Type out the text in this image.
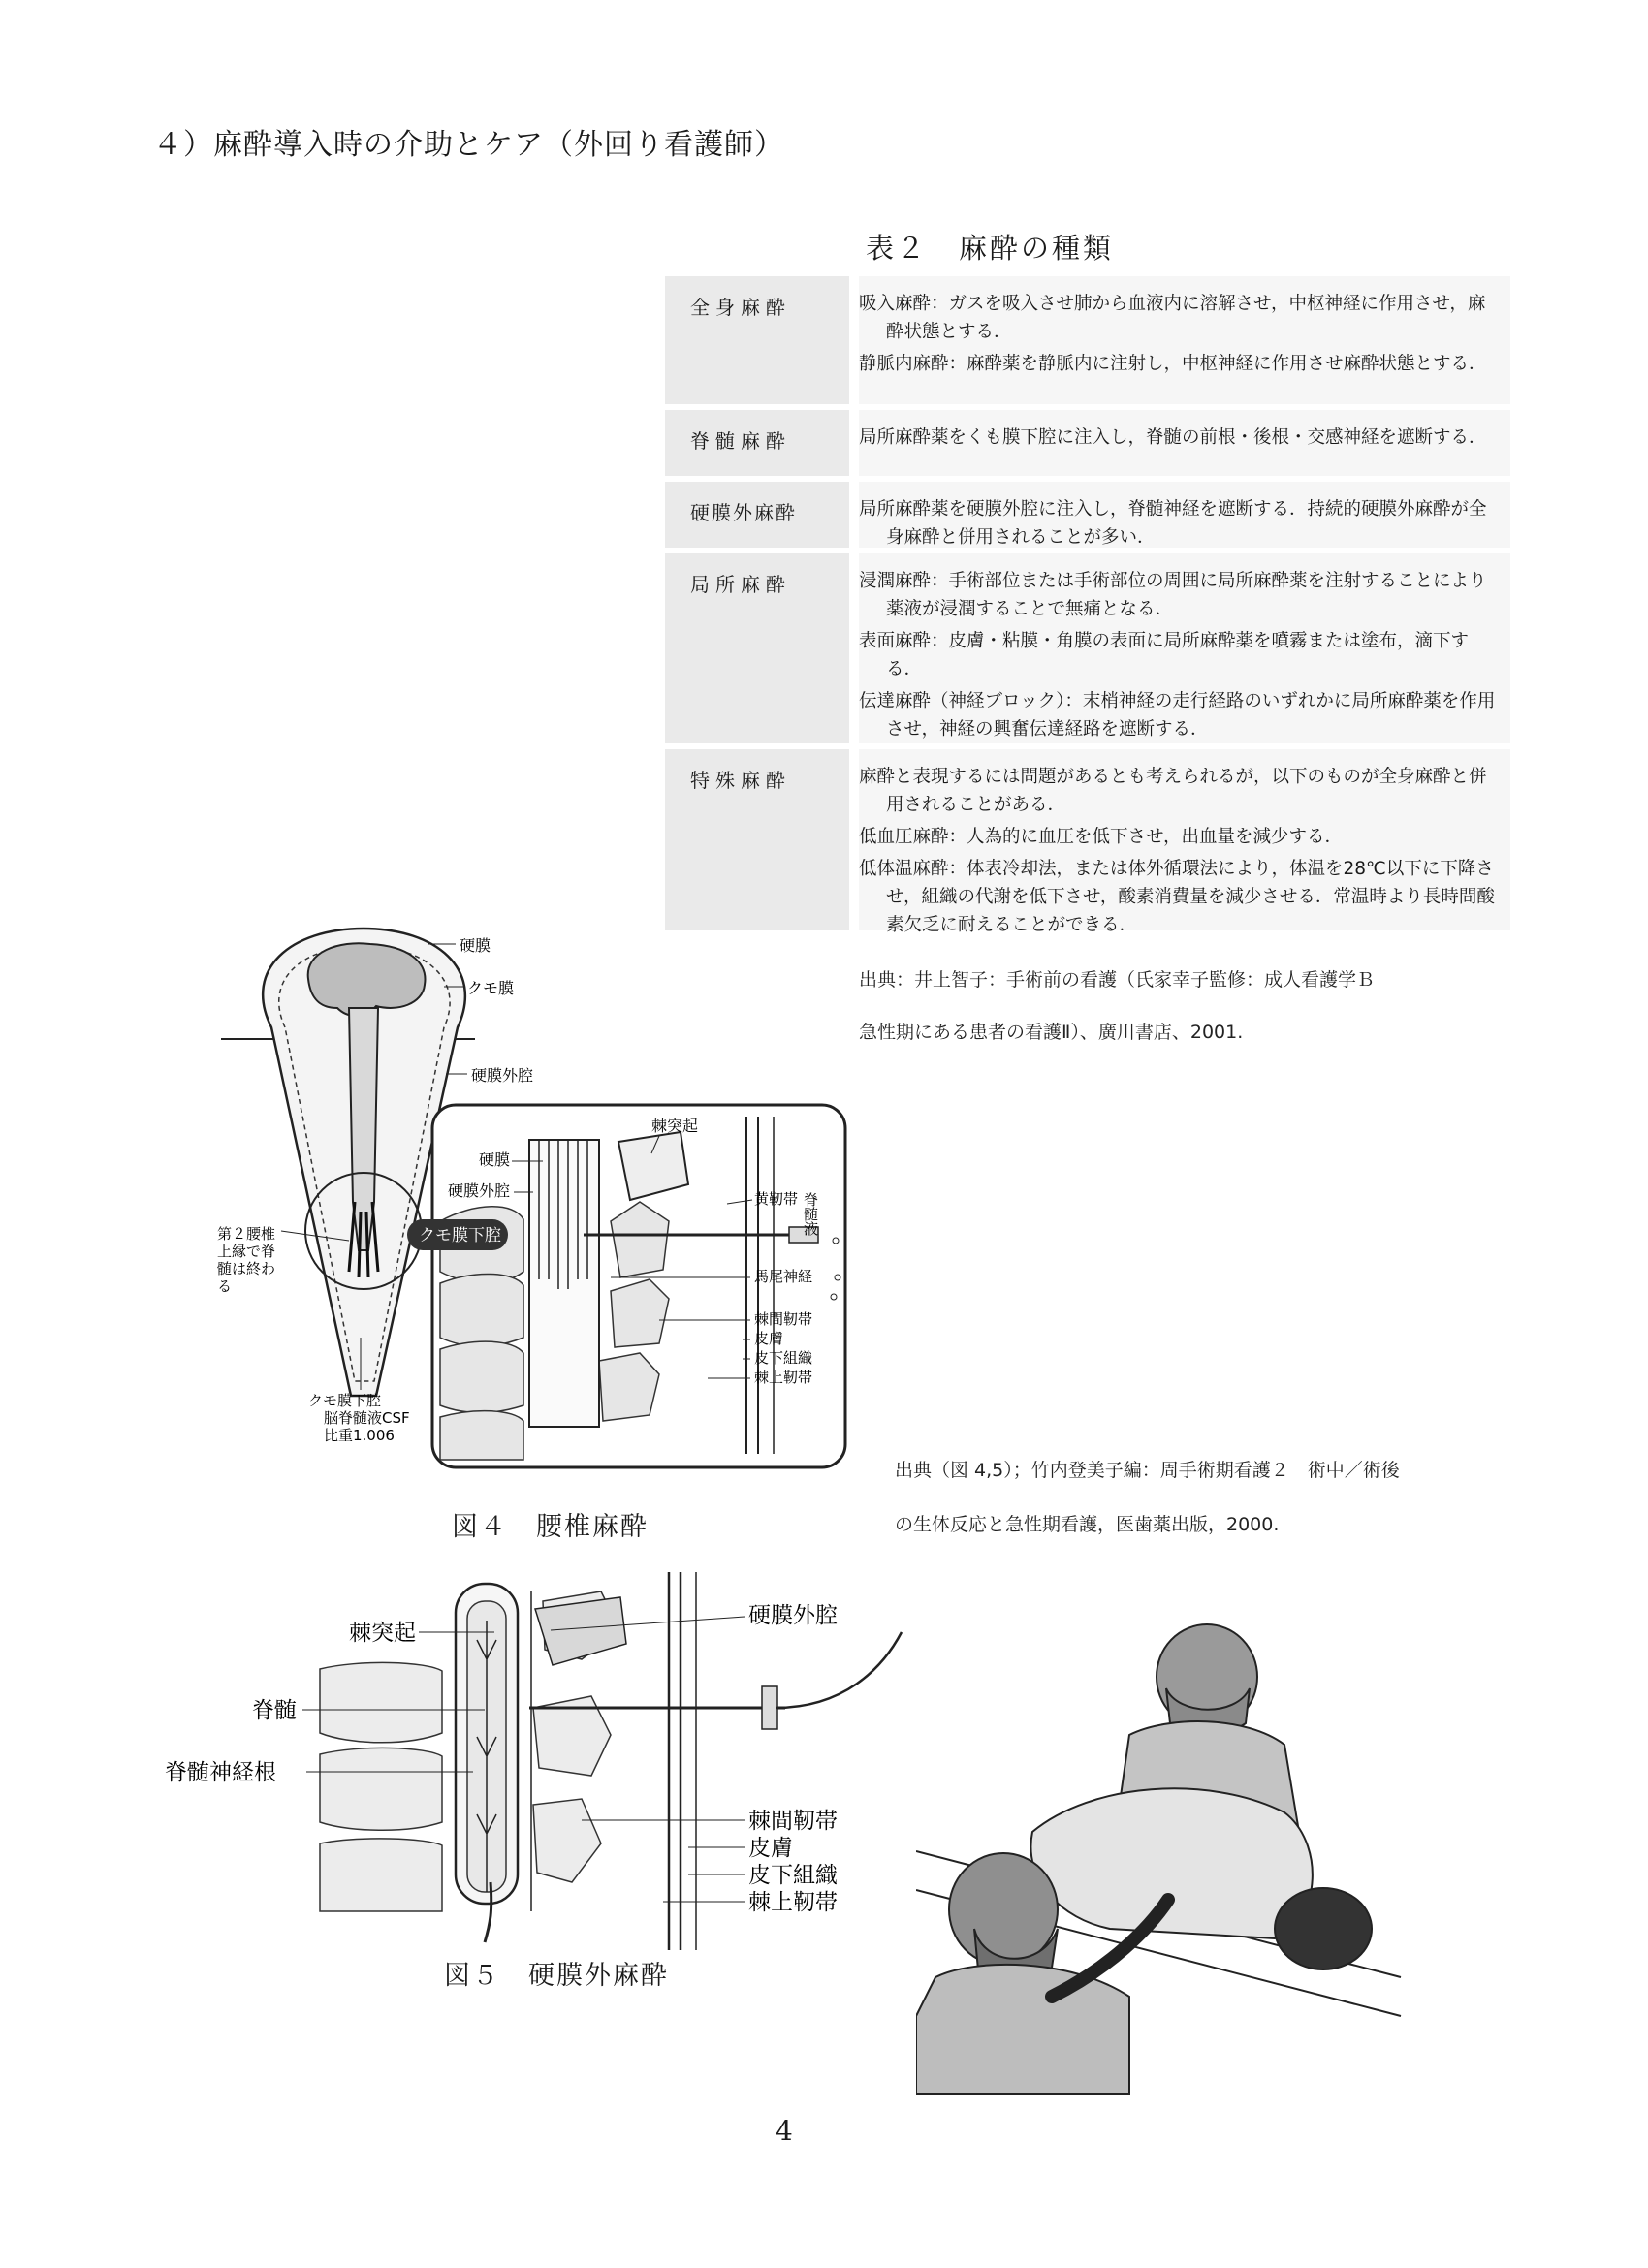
４）麻酔導入時の介助とケア（外回り看護師）
表２　麻酔の種類
全身麻酔	吸入麻酔：ガスを吸入させ肺から血液内に溶解させ，中枢神経に作用させ，麻酔状態とする．

静脈内麻酔：麻酔薬を静脈内に注射し，中枢神経に作用させ麻酔状態とする．

脊髄麻酔	局所麻酔薬をくも膜下腔に注入し，脊髄の前根・後根・交感神経を遮断する．

硬膜外麻酔	局所麻酔薬を硬膜外腔に注入し，脊髄神経を遮断する．持続的硬膜外麻酔が全身麻酔と併用されることが多い．

局所麻酔	浸潤麻酔：手術部位または手術部位の周囲に局所麻酔薬を注射することにより薬液が浸潤することで無痛となる．

表面麻酔：皮膚・粘膜・角膜の表面に局所麻酔薬を噴霧または塗布，滴下する．

伝達麻酔（神経ブロック）：末梢神経の走行経路のいずれかに局所麻酔薬を作用させ，神経の興奮伝達経路を遮断する．

特殊麻酔	麻酔と表現するには問題があるとも考えられるが，以下のものが全身麻酔と併用されることがある．

低血圧麻酔：人為的に血圧を低下させ，出血量を減少する．

低体温麻酔：体表冷却法，または体外循環法により，体温を28℃以下に下降させ，組織の代謝を低下させ，酸素消費量を減少させる．常温時より長時間酸素欠乏に耐えることができる．

出典：井上智子：手術前の看護（氏家幸子監修：成人看護学Ｂ
急性期にある患者の看護Ⅱ）、廣川書店、2001.
硬膜
クモ膜
硬膜外腔
第２腰椎
上縁で脊
髄は終わ
る
クモ膜下腔
脳脊髄液CSF
比重1.006
クモ膜下腔
棘突起
硬膜
硬膜外腔	黄靭帯 脊髄液
馬尾神経
棘間靭帯
皮膚
皮下組織
棘上靭帯
図４　腰椎麻酔
出典（図 4,5）；竹内登美子編：周手術期看護２　術中／術後
の生体反応と急性期看護，医歯薬出版，2000.
棘突起
脊髄
脊髄神経根
硬膜外腔
棘間靭帯
皮膚
皮下組織
棘上靭帯
図５　硬膜外麻酔
4
